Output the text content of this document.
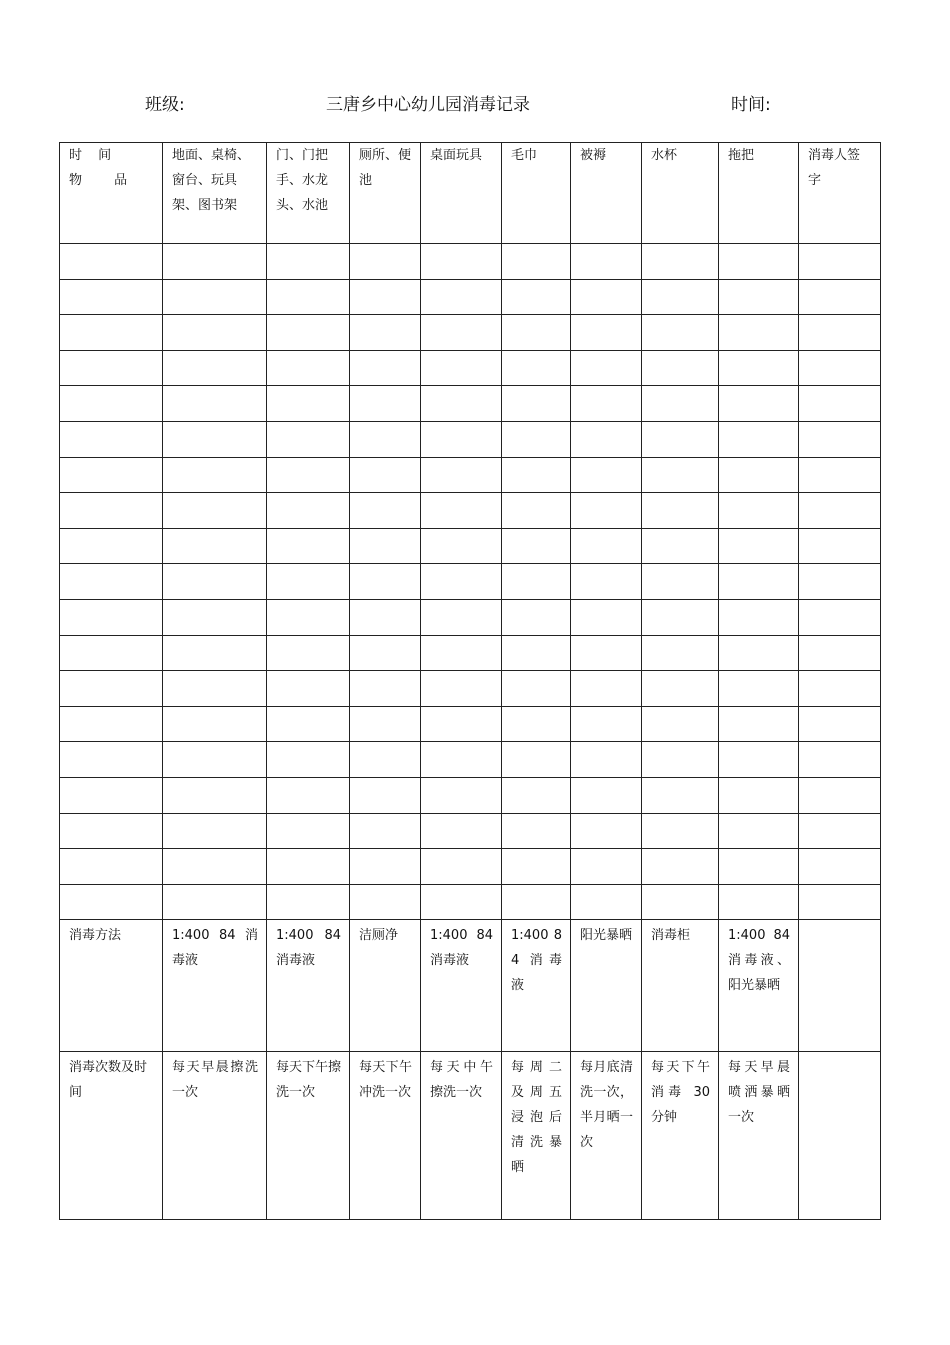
班级:	三唐乡中心幼儿园消毒记录	时间:
时 间
物 品	地面、桌椅、窗台、玩具架、图书架	门、门把手、水龙头、水池	厕所、便池	桌面玩具	毛巾	被褥	水杯	拖把	消毒人签字

消毒方法	1:400 84 消毒液	1:400 84 消毒液	洁厕净	1:400 84 消毒液	1:400 84 消毒液	阳光暴晒	消毒柜	1:400 84 消毒液、阳光暴晒	

消毒次数及时间	每天早晨擦洗一次	每天下午擦洗一次	每天下午冲洗一次	每天中午擦洗一次	每周二及周五浸泡后清洗暴晒	每月底清洗一次，半月晒一次	每天下午消毒 30 分钟	每天早晨喷洒暴晒一次	
